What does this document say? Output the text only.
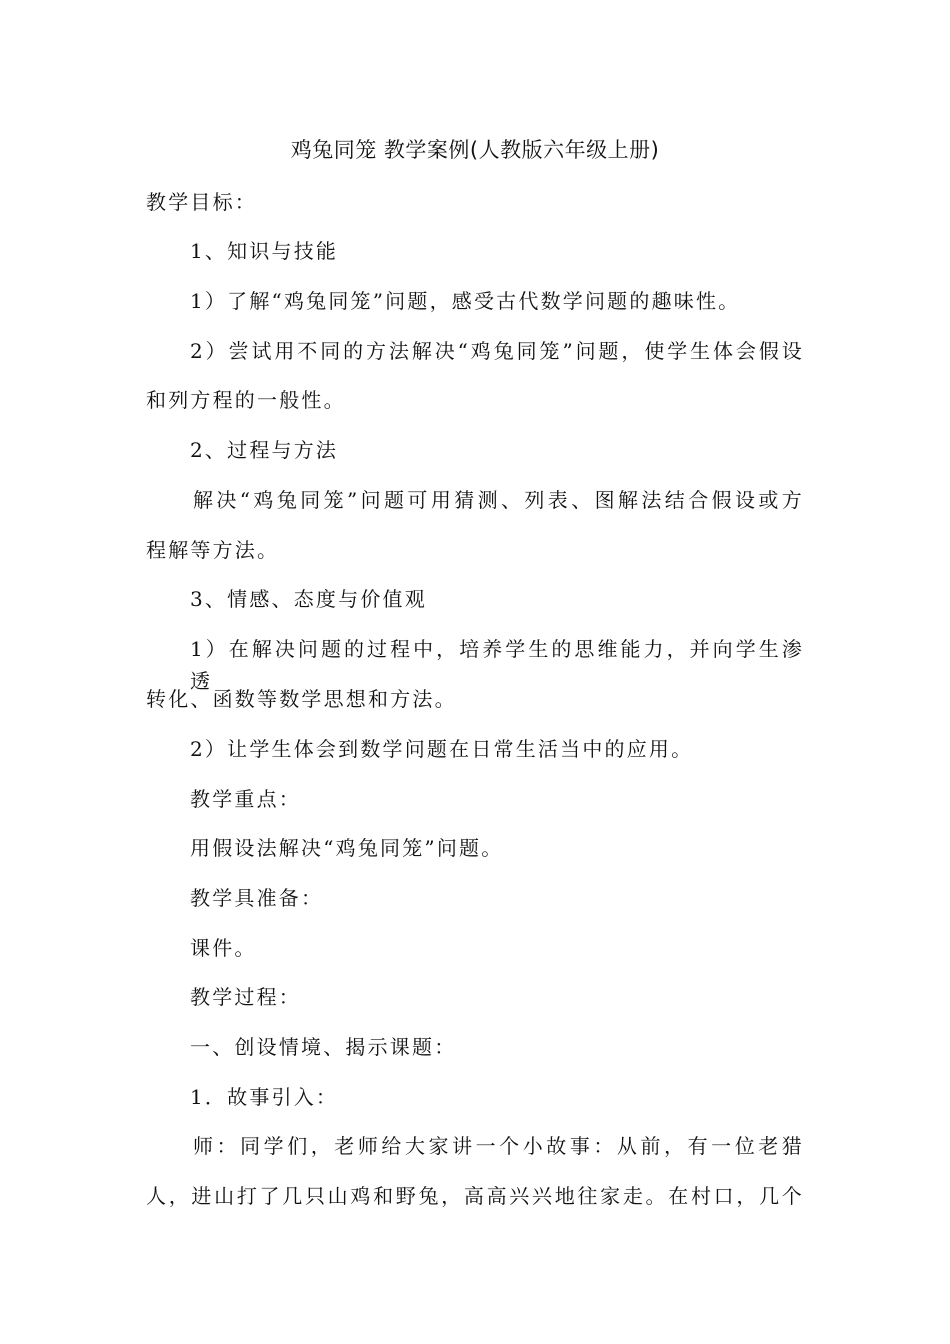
鸡兔同笼 教学案例(人教版六年级上册)
教学目标：
1、知识与技能
1）了解“鸡兔同笼”问题，感受古代数学问题的趣味性。
2）尝试用不同的方法解决“鸡兔同笼”问题，使学生体会假设
和列方程的一般性。
2、过程与方法
解决“鸡兔同笼”问题可用猜测、列表、图解法结合假设或方
程解等方法。
3、情感、态度与价值观
1）在解决问题的过程中，培养学生的思维能力，并向学生渗透
转化、函数等数学思想和方法。
2）让学生体会到数学问题在日常生活当中的应用。
教学重点：
用假设法解决“鸡兔同笼”问题。
教学具准备：
课件。
教学过程：
一、创设情境、揭示课题：
1．故事引入：
师：同学们，老师给大家讲一个小故事：从前，有一位老猎
人，进山打了几只山鸡和野兔，高高兴兴地往家走。在村口，几个
